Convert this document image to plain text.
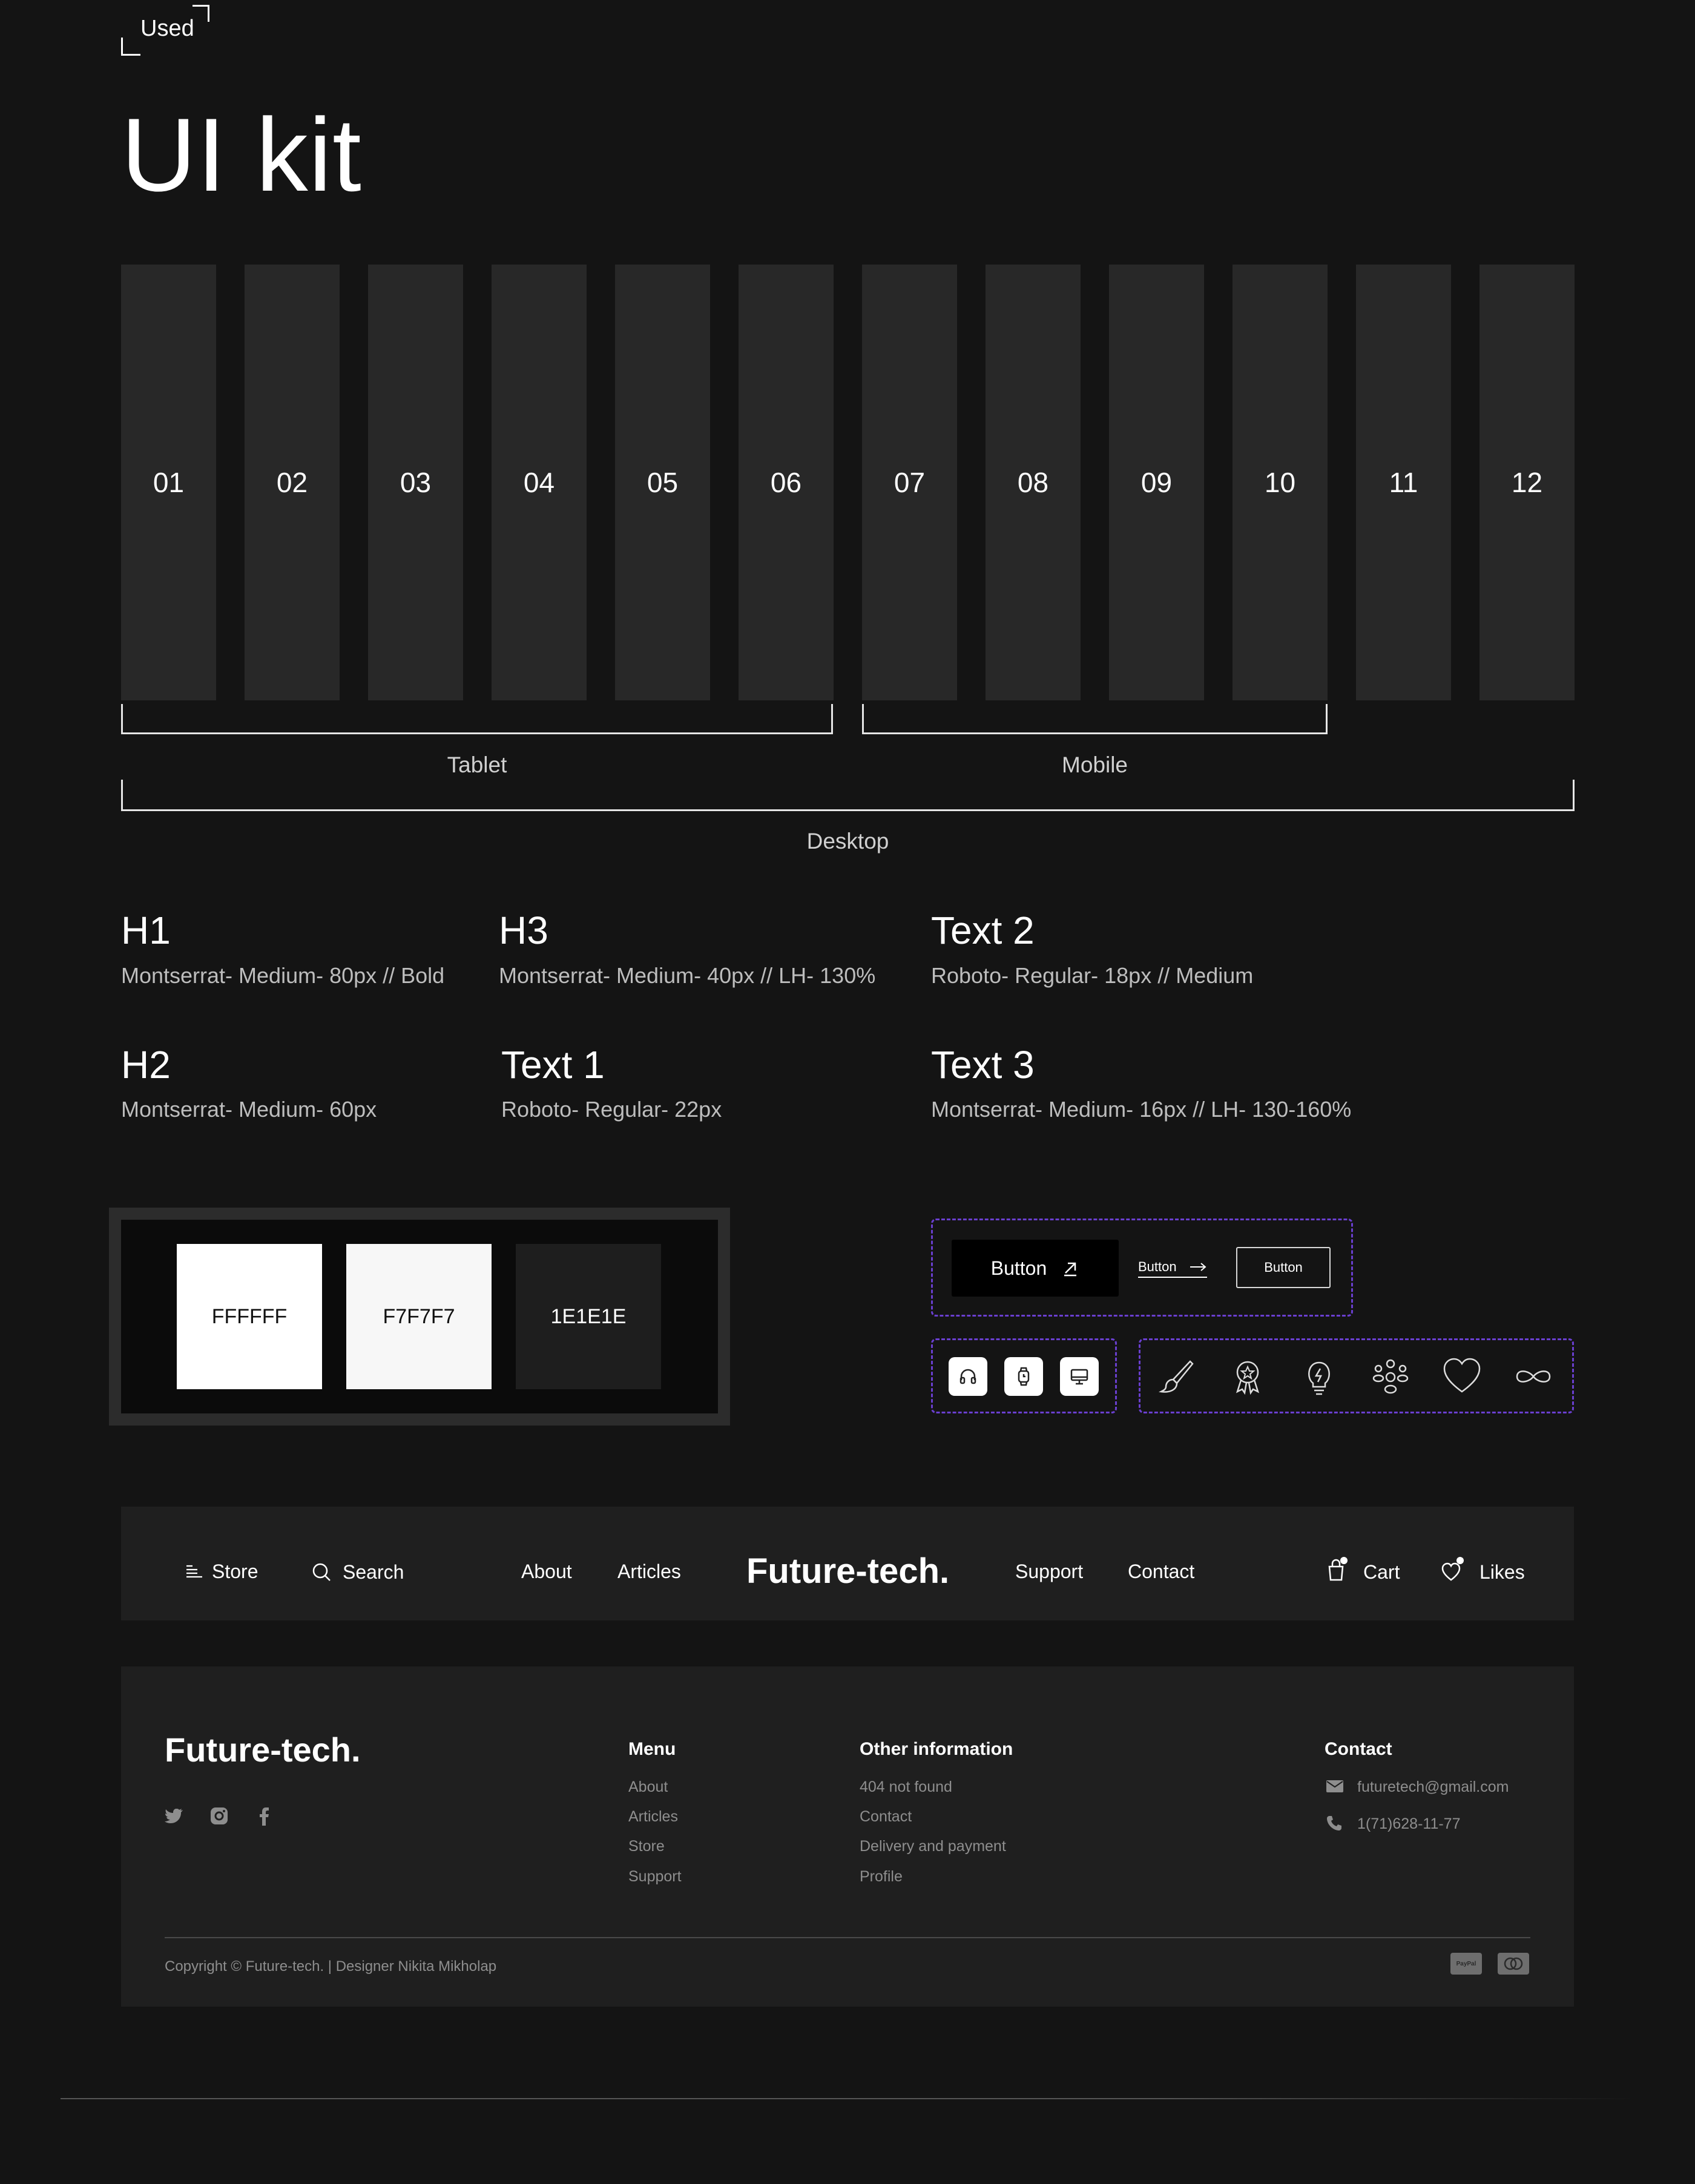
Used
UI kit
01	02	03	04	05	06	07	08	09	10	11	12
Tablet	Mobile
Desktop
H1
Montserrat- Medium- 80px // Bold
H3
Montserrat- Medium- 40px // LH- 130%
Text 2
Roboto- Regular- 18px // Medium
H2
Montserrat- Medium- 60px
Text 1
Roboto- Regular- 22px
Text 3
Montserrat- Medium- 16px // LH- 130-160%
FFFFFF	F7F7F7	1E1E1E
Button	Button	Button
Store	Search	About Articles Future-tech.	Support Contact	Cart	Likes
Future-tech.	Menu
About
Articles
Store
Support
Other information
404 not found
Contact
Delivery and payment
Profile
Contact
futuretech@gmail.com
1(71)628-11-77
Copyright © Future-tech. | Designer Nikita Mikholap	PayPal
